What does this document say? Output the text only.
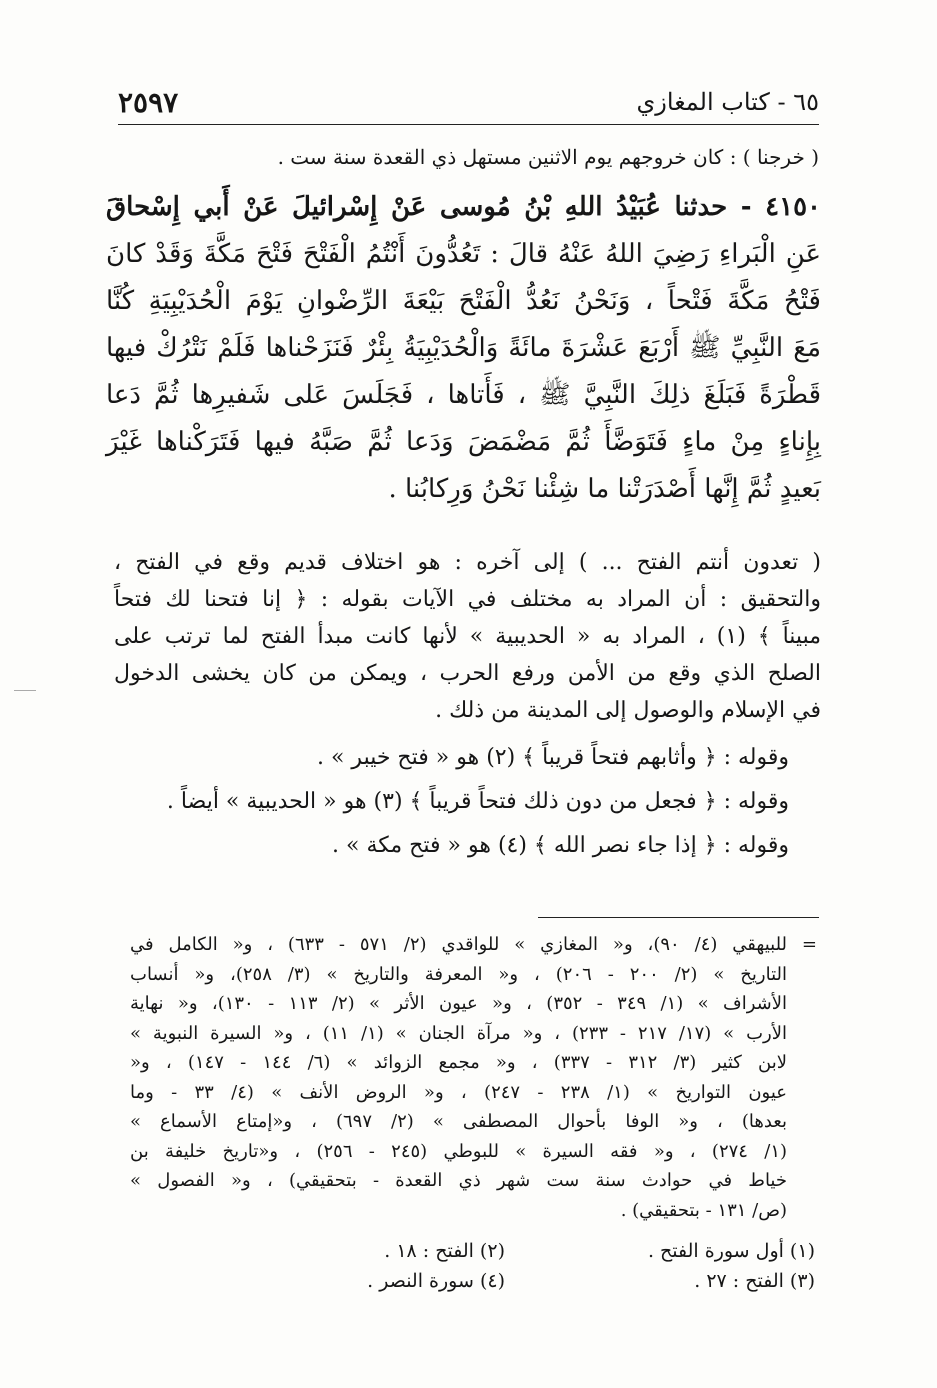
٦٥ - كتاب المغازي
٢٥٩٧
( خرجنا ) : كان خروجهم يوم الاثنين مستهل ذي القعدة سنة ست .
٤١٥٠ - حدثنا عُبَيْدُ اللهِ بْنُ مُوسى عَنْ إِسْرائيلَ عَنْ أَبي إِسْحاقَ
عَنِ الْبَراءِ رَضِيَ اللهُ عَنْهُ قالَ : تَعُدُّونَ أَنْتُمُ الْفَتْحَ فَتْحَ مَكَّةَ وَقَدْ كانَ
فَتْحُ مَكَّةَ فَتْحاً ، وَنَحْنُ نَعُدُّ الْفَتْحَ بَيْعَةَ الرِّضْوانِ يَوْمَ الْحُدَيْبِيَةِ كُنَّا
مَعَ النَّبِيِّ ﷺ أَرْبَعَ عَشْرَةَ مائَةً وَالْحُدَيْبِيَةُ بِئْرٌ فَنَزَحْناها فَلَمْ نَتْرُكْ فيها
قَطْرَةً فَبَلَغَ ذلِكَ النَّبِيَّ ﷺ ، فَأَتاها ، فَجَلَسَ عَلى شَفيرِها ثُمَّ دَعا
بِإِناءٍ مِنْ ماءٍ فَتَوَضَّأَ ثُمَّ مَضْمَضَ وَدَعا ثُمَّ صَبَّهُ فيها فَتَرَكْناها غَيْرَ
بَعيدٍ ثُمَّ إِنَّها أَصْدَرَتْنا ما شِئْنا نَحْنُ وَرِكابُنا .
( تعدون أنتم الفتح ... ) إلى آخره : هو اختلاف قديم وقع في الفتح ،
والتحقيق : أن المراد به مختلف في الآيات بقوله : ﴿ إنا فتحنا لك فتحاً
مبيناً ﴾ (١) ، المراد به « الحديبية » لأنها كانت مبدأ الفتح لما ترتب على
الصلح الذي وقع من الأمن ورفع الحرب ، ويمكن من كان يخشى الدخول
في الإسلام والوصول إلى المدينة من ذلك .
وقوله : ﴿ وأثابهم فتحاً قريباً ﴾ (٢) هو « فتح خيبر » .
وقوله : ﴿ فجعل من دون ذلك فتحاً قريباً ﴾ (٣) هو « الحديبية » أيضاً .
وقوله : ﴿ إذا جاء نصر الله ﴾ (٤) هو « فتح مكة » .
=
للبيهقي (٤/ ٩٠)، و« المغازي » للواقدي (٢/ ٥٧١ - ٦٣٣) ، و« الكامل في
التاريخ » (٢/ ٢٠٠ - ٢٠٦) ، و« المعرفة والتاريخ » (٣/ ٢٥٨)، و« أنساب
الأشراف » (١/ ٣٤٩ - ٣٥٢) ، و« عيون الأثر » (٢/ ١١٣ - ١٣٠)، و« نهاية
الأرب » (١٧/ ٢١٧ - ٢٣٣) ، و« مرآة الجنان » (١/ ١١) ، و« السيرة النبوية »
لابن كثير (٣/ ٣١٢ - ٣٣٧) ، و« مجمع الزوائد » (٦/ ١٤٤ - ١٤٧) ، و«
عيون التواريخ » (١/ ٢٣٨ - ٢٤٧) ، و« الروض الأنف » (٤/ ٣٣ - وما
بعدها) ، و« الوفا بأحوال المصطفى » (٢/ ٦٩٧) ، و«إمتاع الأسماع »
(١/ ٢٧٤) ، و« فقه السيرة » للبوطي (٢٤٥ - ٢٥٦) ، و«تاريخ خليفة بن
خياط في حوادث سنة ست شهر ذي القعدة - بتحقيقي) ، و« الفصول »
(ص/ ١٣١ - بتحقيقي) .
(١) أول سورة الفتح .
(٢) الفتح : ١٨ .
(٣) الفتح : ٢٧ .
(٤) سورة النصر .
